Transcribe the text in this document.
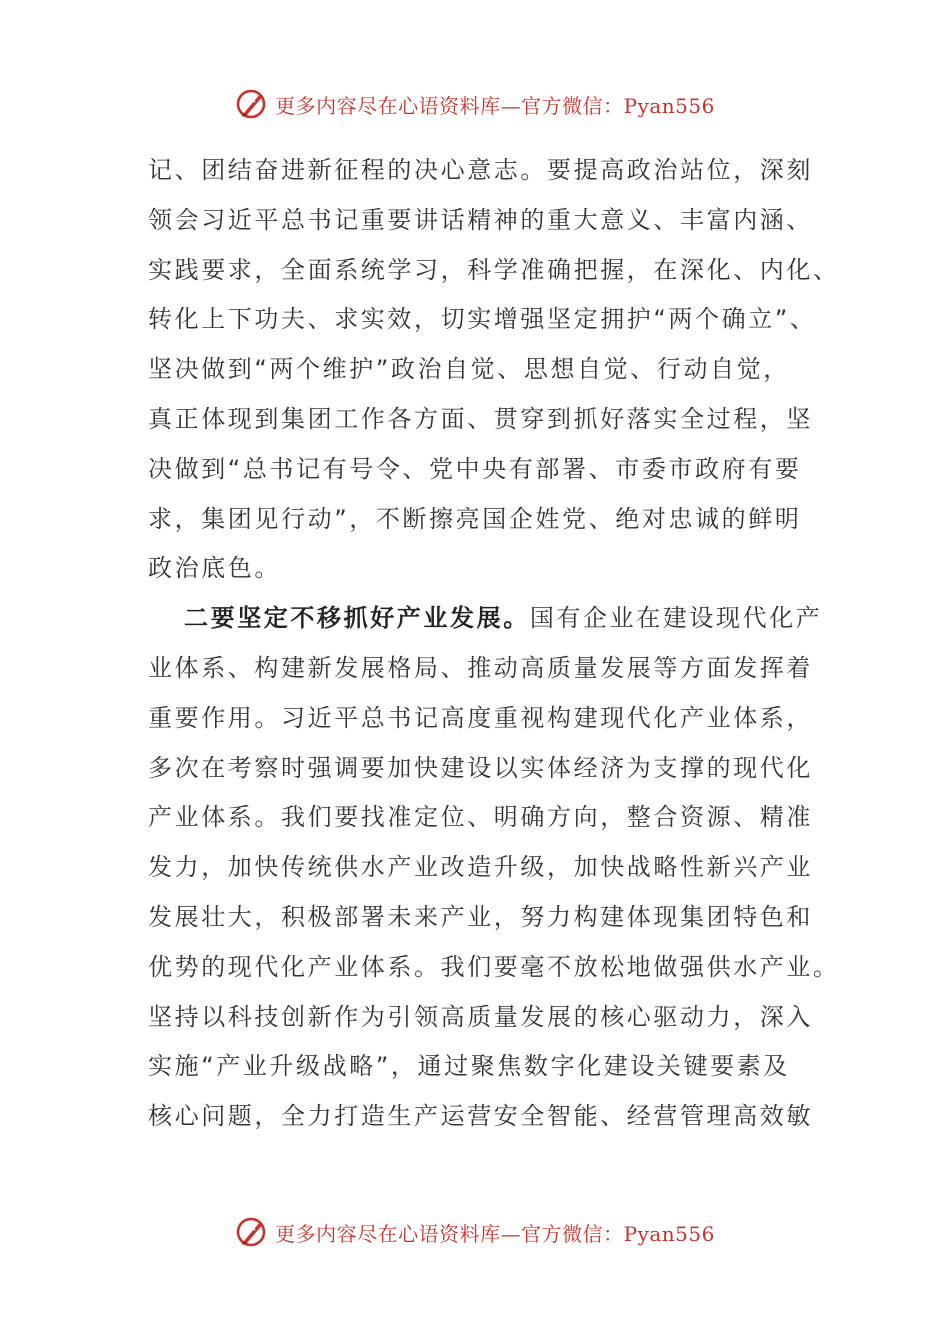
更多内容尽在心语资料库—官方微信：Pyan556
记、团结奋进新征程的决心意志。要提高政治站位，深刻
领会习近平总书记重要讲话精神的重大意义、丰富内涵、
实践要求，全面系统学习，科学准确把握，在深化、内化、
转化上下功夫、求实效，切实增强坚定拥护“两个确立”、
坚决做到“两个维护”政治自觉、思想自觉、行动自觉，
真正体现到集团工作各方面、贯穿到抓好落实全过程，坚
决做到“总书记有号令、党中央有部署、市委市政府有要
求，集团见行动”，不断擦亮国企姓党、绝对忠诚的鲜明
政治底色。
二要坚定不移抓好产业发展。国有企业在建设现代化产
业体系、构建新发展格局、推动高质量发展等方面发挥着
重要作用。习近平总书记高度重视构建现代化产业体系，
多次在考察时强调要加快建设以实体经济为支撑的现代化
产业体系。我们要找准定位、明确方向，整合资源、精准
发力，加快传统供水产业改造升级，加快战略性新兴产业
发展壮大，积极部署未来产业，努力构建体现集团特色和
优势的现代化产业体系。我们要毫不放松地做强供水产业。
坚持以科技创新作为引领高质量发展的核心驱动力，深入
实施“产业升级战略”，通过聚焦数字化建设关键要素及
核心问题，全力打造生产运营安全智能、经营管理高效敏
更多内容尽在心语资料库—官方微信：Pyan556
